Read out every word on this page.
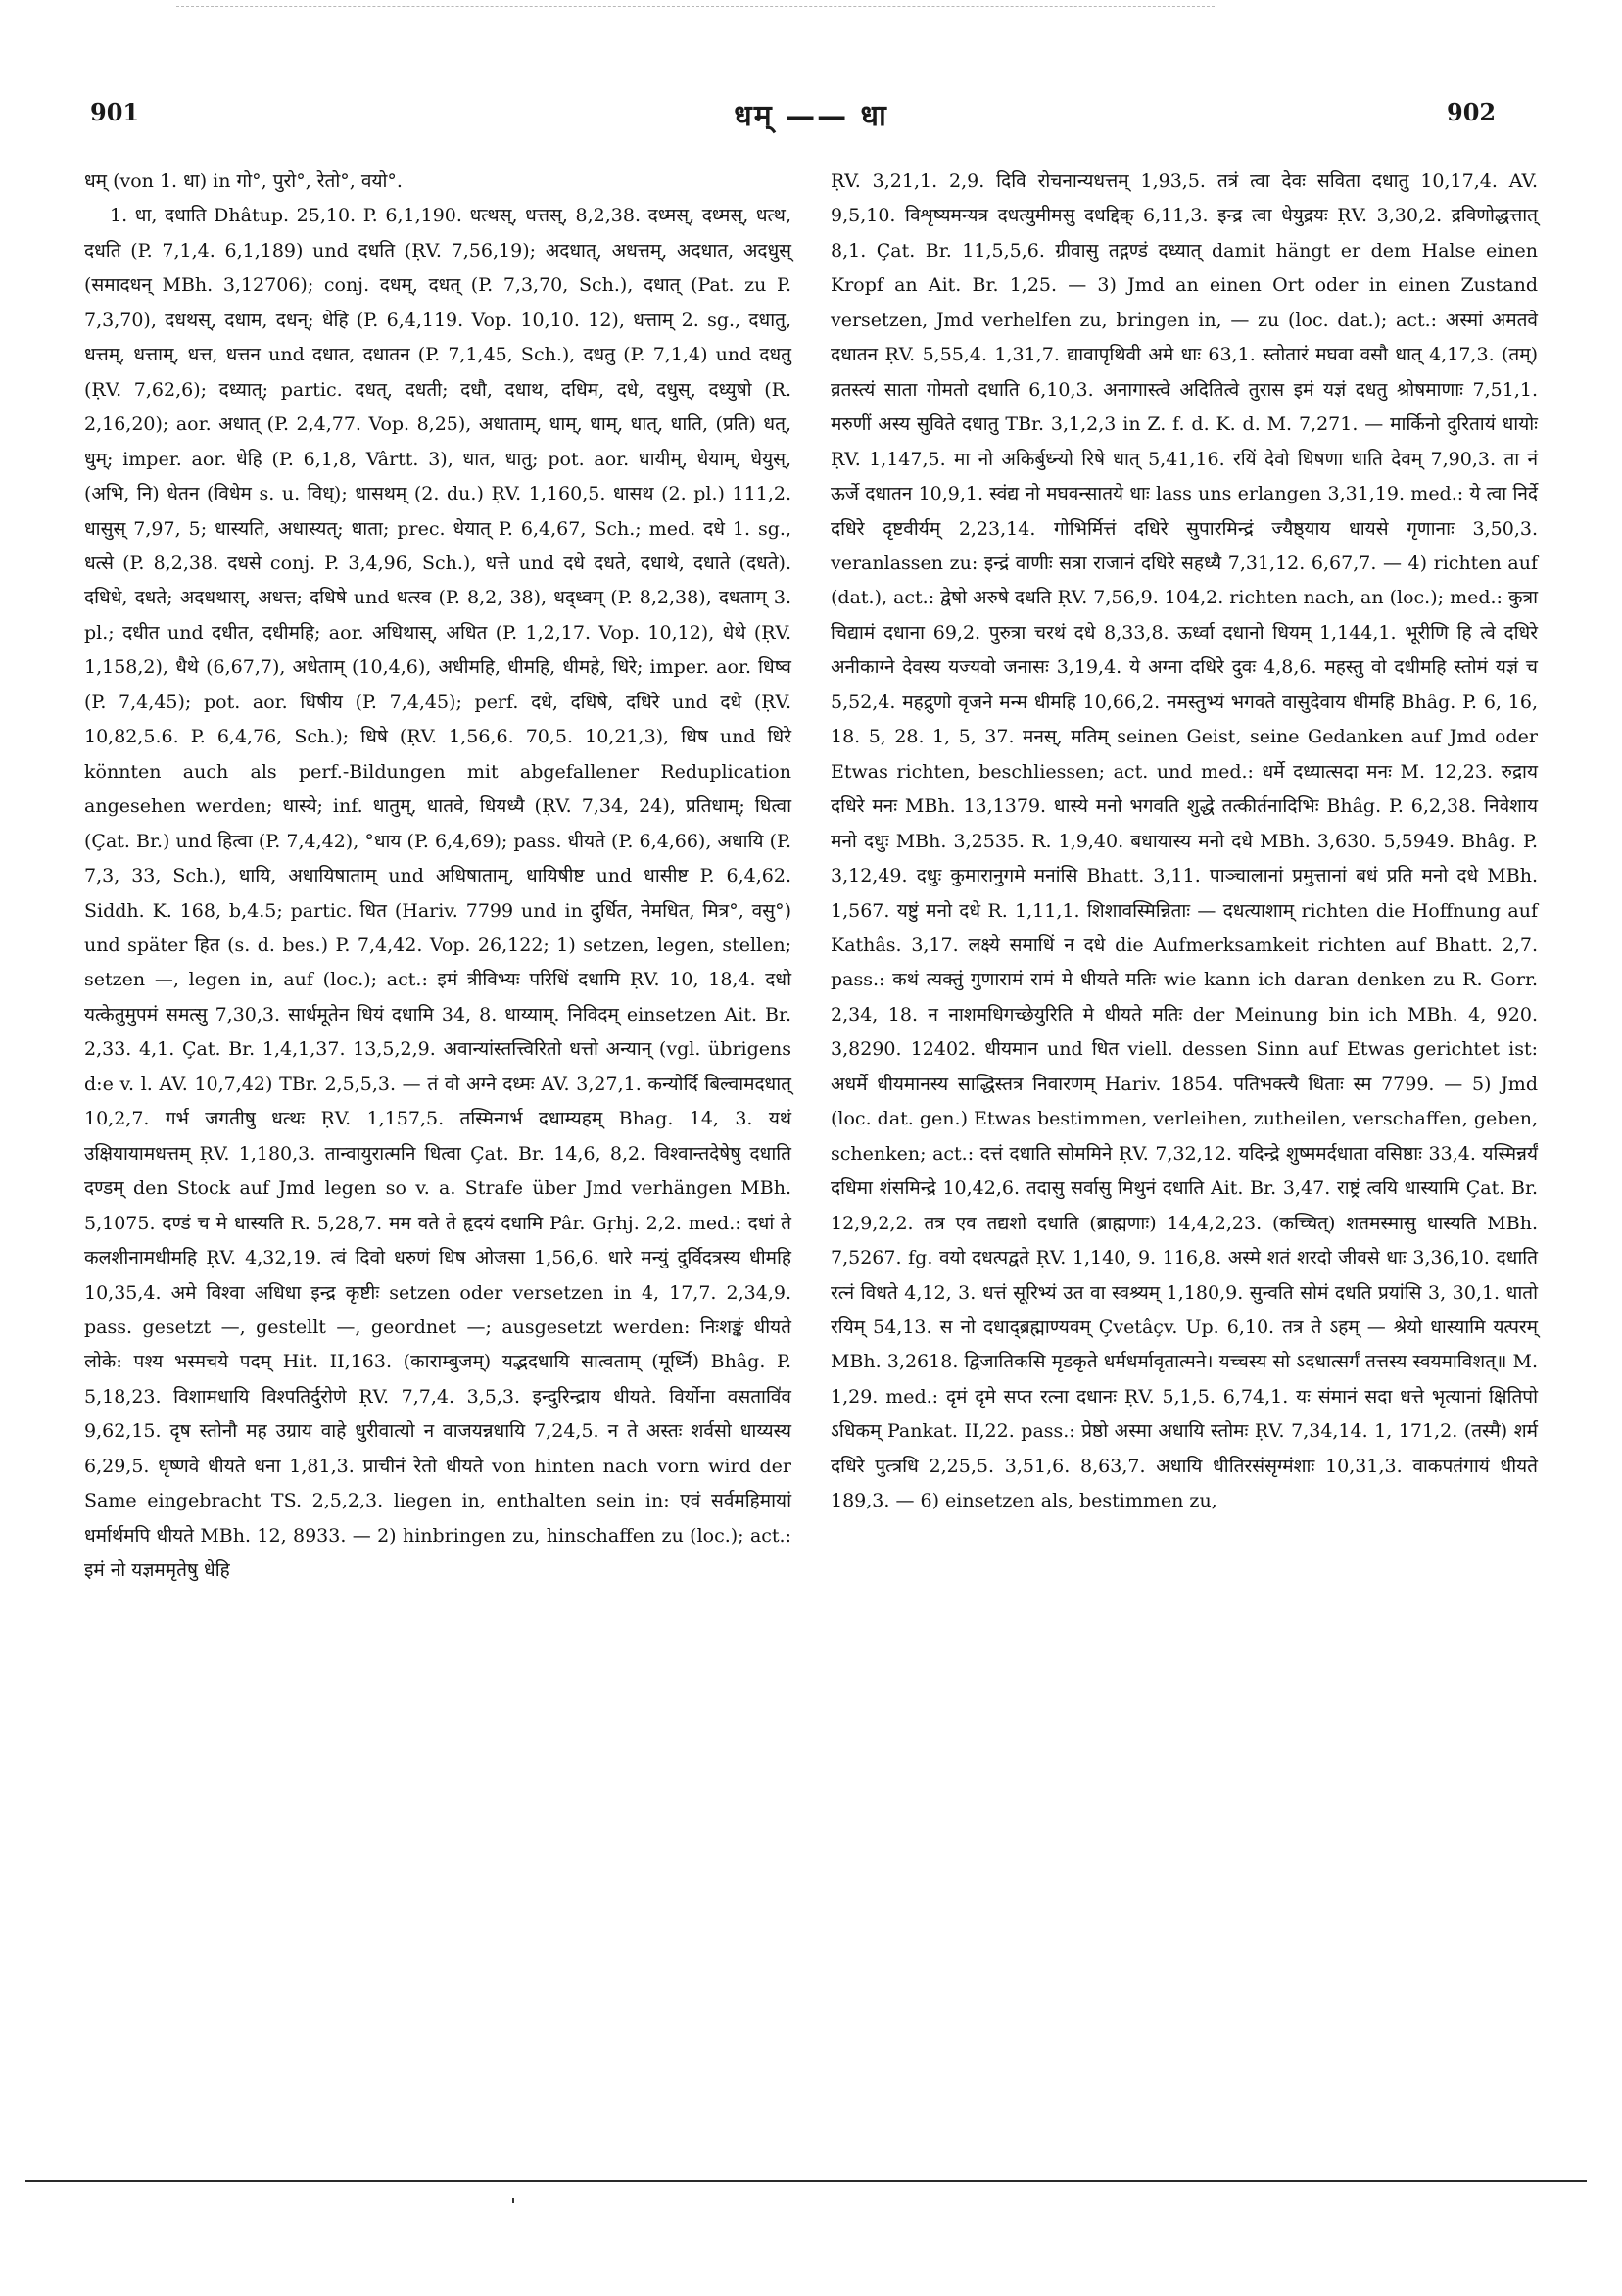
901	धम् —— धा	902

धम् (von 1. धा) in गो°, पुरो°, रेतो°, वयो°.

1. धा, दधाति Dhâtup. 25,10. P. 6,1,190. धत्थस्, धत्तस्, 8,2,38. दध्मस्, दध्मस्, धत्थ, दधति (P. 7,1,4. 6,1,189) und दधति (ṚV. 7,56,19); अदधात्, अधत्तम्, अदधात, अदधुस् (समादधन् MBh. 3,12706); conj. दधम्, दधत् (P. 7,3,70, Sch.), दधात् (Pat. zu P. 7,3,70), दधथस्, दधाम, दधन्; धेहि (P. 6,4,119. Vop. 10,10. 12), धत्ताम् 2. sg., दधातु, धत्तम्, धत्ताम्, धत्त, धत्तन und दधात, दधातन (P. 7,1,45, Sch.), दधतु (P. 7,1,4) und दधतु (ṚV. 7,62,6); दध्यात्; partic. दधत्, दधती; दधौ, दधाथ, दधिम, दधे, दधुस्, दध्युषो (R. 2,16,20); aor. अधात् (P. 2,4,77. Vop. 8,25), अधाताम्, धाम्, धाम्, धात्, धाति, (प्रति) धत्, धुम्; imper. aor. धेहि (P. 6,1,8, Vârtt. 3), धात, धातु; pot. aor. धायीम्, धेयाम्, धेयुस्, (अभि, नि) धेतन (विधेम s. u. विध्); धासथम् (2. du.) ṚV. 1,160,5. धासथ (2. pl.) 111,2. धासुस् 7,97, 5; धास्यति, अधास्यत्; धाता; prec. धेयात् P. 6,4,67, Sch.; med. दधे 1. sg., धत्से (P. 8,2,38. दधसे conj. P. 3,4,96, Sch.), धत्ते und दधे दधते, दधाथे, दधाते (दधते). दधिधे, दधते; अदधथास्, अधत्त; दधिषे und धत्स्व (P. 8,2, 38), धद्ध्वम् (P. 8,2,38), दधताम् 3. pl.; दधीत und दधीत, दधीमहि; aor. अधिथास्, अधित (P. 1,2,17. Vop. 10,12), धेथे (ṚV. 1,158,2), धैथे (6,67,7), अधेताम् (10,4,6), अधीमहि, धीमहि, धीमहे, धिरे; imper. aor. धिष्व (P. 7,4,45); pot. aor. धिषीय (P. 7,4,45); perf. दधे, दधिषे, दधिरे und दधे (ṚV. 10,82,5.6. P. 6,4,76, Sch.); धिषे (ṚV. 1,56,6. 70,5. 10,21,3), धिष und धिरे könnten auch als perf.-Bildungen mit abgefallener Reduplication angesehen werden; धास्ये; inf. धातुम्, धातवे, धियध्यै (ṚV. 7,34, 24), प्रतिधाम्; धित्वा (Çat. Br.) und हित्वा (P. 7,4,42), °धाय (P. 6,4,69); pass. धीयते (P. 6,4,66), अधायि (P. 7,3, 33, Sch.), धायि, अधायिषाताम् und अधिषाताम्, धायिषीष्ट und धासीष्ट P. 6,4,62. Siddh. K. 168, b,4.5; partic. धित (Hariv. 7799 und in दुर्धित, नेमधित, मित्र°, वसु°) und später हित (s. d. bes.) P. 7,4,42. Vop. 26,122; 1) setzen, legen, stellen; setzen —, legen in, auf (loc.); act.: इमं त्रीविभ्यः परिधिं दधामि ṚV. 10, 18,4. दधो यत्केतुमुपमं समत्सु 7,30,3. सार्धमूतेन धियं दधामि 34, 8. धाय्याम्. निविदम् einsetzen Ait. Br. 2,33. 4,1. Çat. Br. 1,4,1,37. 13,5,2,9. अवान्यांस्तत्त्विरितो धत्तो अन्यान् (vgl. übrigens d:e v. l. AV. 10,7,42) TBr. 2,5,5,3. — तं वो अग्ने दध्मः AV. 3,27,1. कन्योर्दि बिल्वामदधात् 10,2,7. गर्भ जगतीषु धत्थः ṚV. 1,157,5. तस्मिन्गर्भ दधाम्यहम् Bhag. 14, 3. यथं उक्षियायामधत्तम् ṚV. 1,180,3. तान्वायुरात्मनि धित्वा Çat. Br. 14,6, 8,2. विश्वान्तदेषेषु दधाति दण्डम् den Stock auf Jmd legen so v. a. Strafe über Jmd verhängen MBh. 5,1075. दण्डं च मे धास्यति R. 5,28,7. मम वते ते हृदयं दधामि Pâr. Gṛhj. 2,2. med.: दधां ते कलशीनामधीमहि ṚV. 4,32,19. त्वं दिवो धरुणं धिष ओजसा 1,56,6. धारे मन्युं दुर्विदत्रस्य धीमहि 10,35,4. अमे विश्वा अधिधा इन्द्र कृष्टीः setzen oder versetzen in 4, 17,7. 2,34,9. pass. gesetzt —, gestellt —, geordnet —; ausgesetzt werden: निःशङ्कं धीयते लोके: पश्य भस्मचये पदम् Hit. II,163. (काराम्बुजम्) यद्भदधायि सात्वताम् (मूर्ध्नि) Bhâg. P. 5,18,23. विशामधायि विश्पतिर्दुरोणे ṚV. 7,7,4. 3,5,3. इन्दुरिन्द्राय धीयते. विर्योना वसतावि॑व 9,62,15. दृष स्तोनौ मह उग्राय वाहे धुरीवात्यो न वाजयन्नधायि 7,24,5. न ते अस्तः शर्वसो धाय्यस्य 6,29,5. धृष्णवे धीयते धना 1,81,3. प्राचीनं रेतो धीयते von hinten nach vorn wird der Same eingebracht TS. 2,5,2,3. liegen in, enthalten sein in: एवं सर्वमहिमायां धर्मार्थमपि धीयते MBh. 12, 8933. — 2) hinbringen zu, hinschaffen zu (loc.); act.: इमं नो यज्ञममृतेषु धेहि

ṚV. 3,21,1. 2,9. दिवि रोचनान्यधत्तम् 1,93,5. तत्रं त्वा देवः सविता दधातु 10,17,4. AV. 9,5,10. विशृष्यमन्यत्र दधत्युमीमसु दधद्दिक् 6,11,3. इन्द्र त्वा धेयुद्रयः ṚV. 3,30,2. द्रविणोद्धत्तात् 8,1. Çat. Br. 11,5,5,6. ग्रीवासु तद्गण्डं दध्यात् damit hängt er dem Halse einen Kropf an Ait. Br. 1,25. — 3) Jmd an einen Ort oder in einen Zustand versetzen, Jmd verhelfen zu, bringen in, — zu (loc. dat.); act.: अस्मां अमतवे दधातन ṚV. 5,55,4. 1,31,7. द्यावापृथिवी अमे धाः 63,1. स्तोतारं मघवा वसौ धात् 4,17,3. (तम्) व्रतस्त्यं साता गोमतो दधाति 6,10,3. अनागास्त्वे अदितित्वे तुरास इमं यज्ञं दधतु श्रोषमाणाः 7,51,1. मरुणीं अस्य सुविते दधातु TBr. 3,1,2,3 in Z. f. d. K. d. M. 7,271. — मार्किनो दुरितायं धायोः ṚV. 1,147,5. मा नो अकिर्बुध्न्यो रिषे धात् 5,41,16. रयिं देवो धिषणा धाति देवम् 7,90,3. ता नं ऊर्जे दधातन 10,9,1. स्वंद्य नो मघवन्सातये धाः lass uns erlangen 3,31,19. med.: ये त्वा निर्दे दधिरे दृष्टवीर्यम् 2,23,14. गोभिर्मित्तं दधिरे सुपारमिन्द्रं ज्यैष्ठ्याय धायसे गृणानाः 3,50,3. veranlassen zu: इन्द्रं वाणीः सत्रा राजानं दधिरे सहध्यै 7,31,12. 6,67,7. — 4) richten auf (dat.), act.: द्वेषो अरुषे दधति ṚV. 7,56,9. 104,2. richten nach, an (loc.); med.: कुत्रा चिद्यामं दधाना 69,2. पुरुत्रा चरथं दधे 8,33,8. ऊर्ध्वा दधानो धियम् 1,144,1. भूरीणि हि त्वे दधिरे अनीकाग्ने देवस्य यज्यवो जनासः 3,19,4. ये अग्ना दधिरे दुवः 4,8,6. महस्तु वो दधीमहि स्तोमं यज्ञं च 5,52,4. महद्रुणो वृजने मन्म धीमहि 10,66,2. नमस्तुभ्यं भगवते वासुदेवाय धीमहि Bhâg. P. 6, 16, 18. 5, 28. 1, 5, 37. मनस्, मतिम् seinen Geist, seine Gedanken auf Jmd oder Etwas richten, beschliessen; act. und med.: धर्मे दध्यात्सदा मनः M. 12,23. रुद्राय दधिरे मनः MBh. 13,1379. धास्ये मनो भगवति शुद्धे तत्कीर्तनादिभिः Bhâg. P. 6,2,38. निवेशाय मनो दधुः MBh. 3,2535. R. 1,9,40. बधायास्य मनो दधे MBh. 3,630. 5,5949. Bhâg. P. 3,12,49. दधुः कुमारानुगमे मनांसि Bhatt. 3,11. पाञ्चालानां प्रमुत्तानां बधं प्रति मनो दधे MBh. 1,567. यष्टुं मनो दधे R. 1,11,1. शिशावस्मिन्निताः — दधत्याशाम् richten die Hoffnung auf Kathâs. 3,17. लक्ष्ये समाधिं न दधे die Aufmerksamkeit richten auf Bhatt. 2,7. pass.: कथं त्यक्तुं गुणारामं रामं मे धीयते मतिः wie kann ich daran denken zu R. Gorr. 2,34, 18. न नाशमधिगच्छेयुरिति मे धीयते मतिः der Meinung bin ich MBh. 4, 920. 3,8290. 12402. धीयमान und धित viell. dessen Sinn auf Etwas gerichtet ist: अधर्मे धीयमानस्य साद्धिस्तत्र निवारणम् Hariv. 1854. पतिभक्त्यै धिताः स्म 7799. — 5) Jmd (loc. dat. gen.) Etwas bestimmen, verleihen, zutheilen, verschaffen, geben, schenken; act.: दत्तं दधाति सोममिने ṚV. 7,32,12. यदिन्द्रे शुष्ममर्दधाता वसिष्ठाः 33,4. यस्मिन्नर्यं दधिमा शंसमिन्द्रे 10,42,6. तदासु सर्वासु मिथुनं दधाति Ait. Br. 3,47. राष्ट्रं त्वयि धास्यामि Çat. Br. 12,9,2,2. तत्र एव तद्यशो दधाति (ब्राह्मणाः) 14,4,2,23. (कच्चित्) शतमस्मासु धास्यति MBh. 7,5267. fg. वयो दधत्पद्वते ṚV. 1,140, 9. 116,8. अस्मे शतं शरदो जीवसे धाः 3,36,10. दधाति रत्नं विधते 4,12, 3. धत्तं सूरिभ्यं उत वा स्वश्र्यम् 1,180,9. सुन्वति सोमं दधति प्रयांसि 3, 30,1. धातो रयिम् 54,13. स नो दधाद्ब्रह्माण्यवम् Çvetâçv. Up. 6,10. तत्र ते ऽहम् — श्रेयो धास्यामि यत्परम् MBh. 3,2618. द्विजातिकसि मृडकृते धर्मधर्मावृतात्मने। यच्चस्य सो ऽदधात्सर्गं तत्तस्य स्वयमाविशत्॥ M. 1,29. med.: दृमं दृमे सप्त रत्ना दधानः ṚV. 5,1,5. 6,74,1. यः संमानं सदा धत्ते भृत्यानां क्षितिपो ऽधिकम् Pankat. II,22. pass.: प्रेष्ठो अस्मा अधायि स्तोमः ṚV. 7,34,14. 1, 171,2. (तस्मै) शर्म दधिरे पुत्त्रधि 2,25,5. 3,51,6. 8,63,7. अधायि धीतिरसंसृग्मंशाः 10,31,3. वाकपतंगायं धीयते 189,3. — 6) einsetzen als, bestimmen zu,
